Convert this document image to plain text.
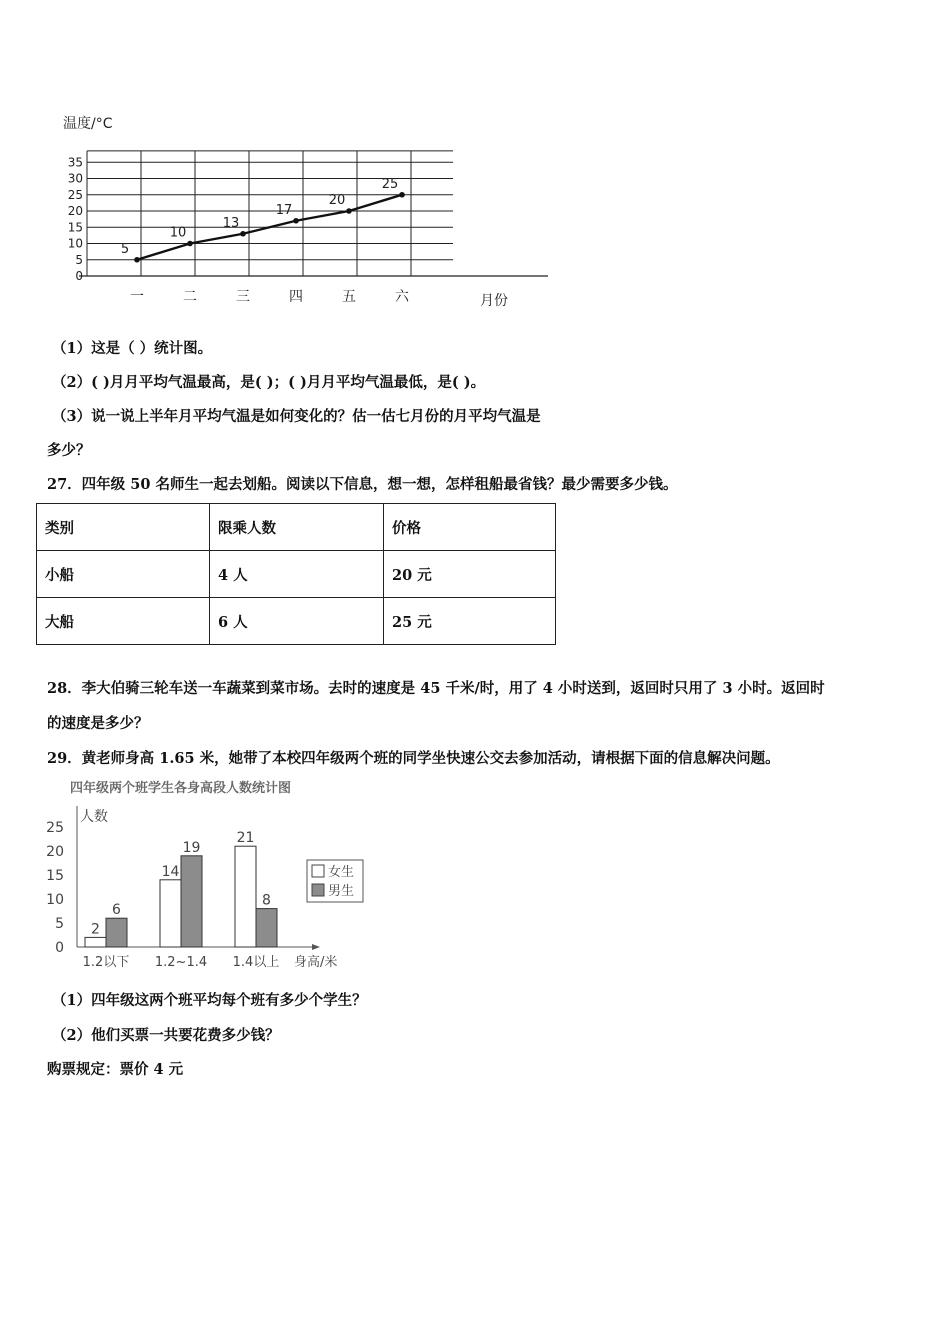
温度/°C
0
5
10
15
20
25
30
35
一	二	三	四	五	六
5
10
13
17
20
25
月份
（1）这是（ ）统计图。
（2）( )月月平均气温最高，是( )；( )月月平均气温最低，是( )。
（3）说一说上半年月平均气温是如何变化的？估一估七月份的月平均气温是
多少？
27．四年级 50 名师生一起去划船。阅读以下信息，想一想，怎样租船最省钱？最少需要多少钱。
类别	限乘人数	价格
小船	4 人	20 元
大船	6 人	25 元
28．李大伯骑三轮车送一车蔬菜到菜市场。去时的速度是 45 千米/时，用了 4 小时送到，返回时只用了 3 小时。返回时
的速度是多少？
29．黄老师身高 1.65 米，她带了本校四年级两个班的同学坐快速公交去参加活动，请根据下面的信息解决问题。
四年级两个班学生各身高段人数统计图
人数
0
5
10
15
20
25
2
14
21
6
19
8
1.2以下 1.2~1.4 1.4以上 身高/米
女生
男生
（1）四年级这两个班平均每个班有多少个学生？
（2）他们买票一共要花费多少钱？
购票规定：票价 4 元
